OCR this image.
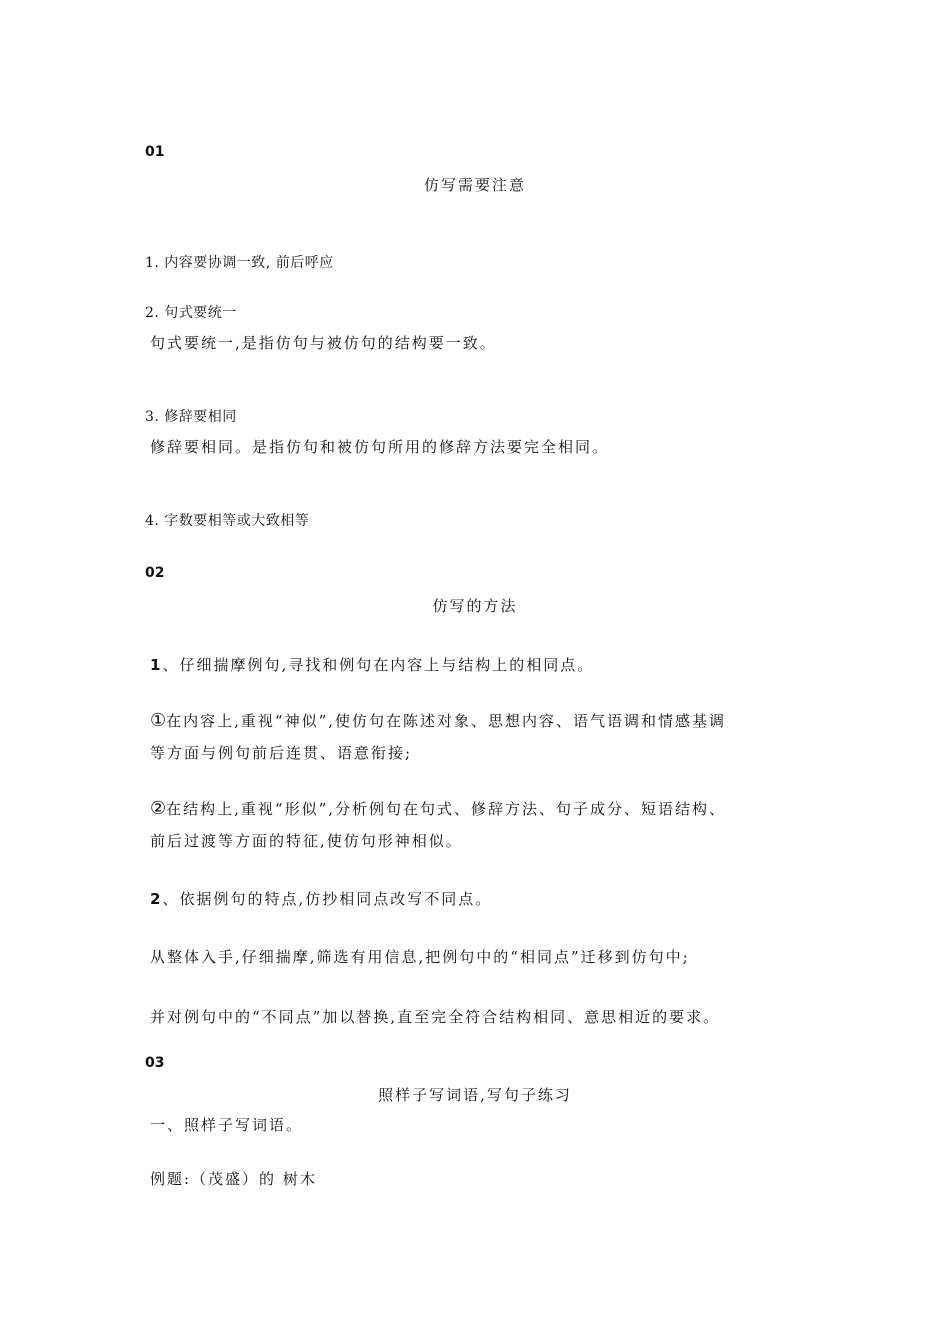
01
仿写需要注意
1. 内容要协调一致, 前后呼应
2. 句式要统一
句式要统一,是指仿句与被仿句的结构要一致。
3. 修辞要相同
修辞要相同。是指仿句和被仿句所用的修辞方法要完全相同。
4. 字数要相等或大致相等
02
仿写的方法
1、仔细揣摩例句,寻找和例句在内容上与结构上的相同点。
①在内容上,重视“神似”,使仿句在陈述对象、思想内容、语气语调和情感基调
等方面与例句前后连贯、语意衔接;
②在结构上,重视“形似”,分析例句在句式、修辞方法、句子成分、短语结构、
前后过渡等方面的特征,使仿句形神相似。
2、依据例句的特点,仿抄相同点改写不同点。
从整体入手,仔细揣摩,筛选有用信息,把例句中的“相同点”迁移到仿句中;
并对例句中的“不同点”加以替换,直至完全符合结构相同、意思相近的要求。
03
照样子写词语,写句子练习
一、照样子写词语。
例题:（茂盛）的 树木
